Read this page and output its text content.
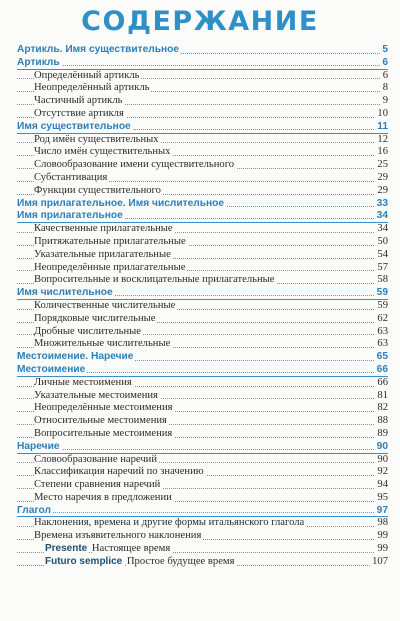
СОДЕРЖАНИЕ
Артикль. Имя существительное	5
Артикль	6
Определённый артикль	6
Неопределённый артикль	8
Частичный артикль	9
Отсутствие артикля	10
Имя существительное	11
Род имён существительных	12
Число имён существительных	16
Словообразование имени существительного	25
Субстантивация	29
Функции существительного	29
Имя прилагательное. Имя числительное	33
Имя прилагательное	34
Качественные прилагательные	34
Притяжательные прилагательные	50
Указательные прилагательные	54
Неопределённые прилагательные	57
Вопросительные и восклицательные прилагательные	58
Имя числительное	59
Количественные числительные	59
Порядковые числительные	62
Дробные числительные	63
Множительные числительные	63
Местоимение. Наречие	65
Местоимение	66
Личные местоимения	66
Указательные местоимения	81
Неопределённые местоимения	82
Относительные местоимения	88
Вопросительные местоимения	89
Наречие	90
Словообразование наречий	90
Классификация наречий по значению	92
Степени сравнения наречий	94
Место наречия в предложении	95
Глагол	97
Наклонения, времена и другие формы итальянского глагола	98
Времена изъявительного наклонения	99
Presente Настоящее время	99
Futuro semplice Простое будущее время	107
